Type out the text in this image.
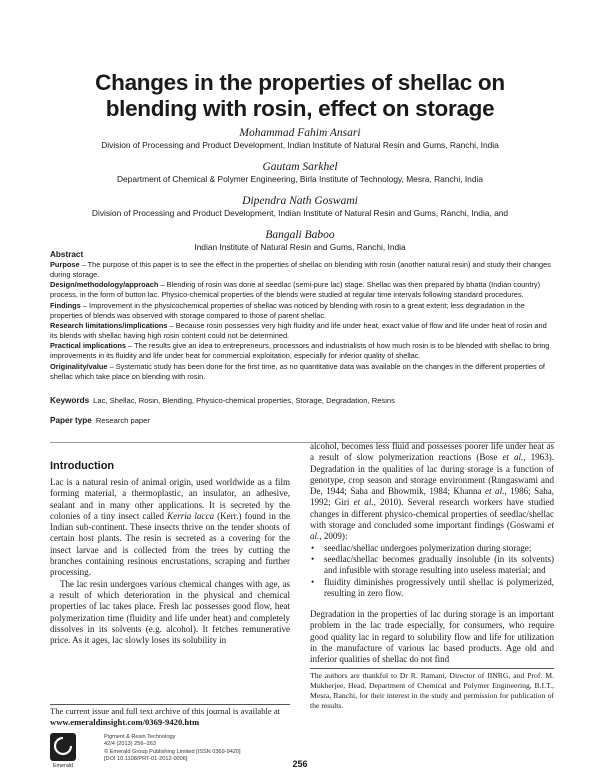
Changes in the properties of shellac on
blending with rosin, effect on storage
Mohammad Fahim Ansari
Division of Processing and Product Development, Indian Institute of Natural Resin and Gums, Ranchi, India
Gautam Sarkhel
Department of Chemical & Polymer Engineering, Birla Institute of Technology, Mesra, Ranchi, India
Dipendra Nath Goswami
Division of Processing and Product Development, Indian Institute of Natural Resin and Gums, Ranchi, India, and
Bangali Baboo
Indian Institute of Natural Resin and Gums, Ranchi, India
Abstract

Purpose – The purpose of this paper is to see the effect in the properties of shellac on blending with rosin (another natural resin) and study their changes during storage.

Design/methodology/approach – Blending of rosin was done at seedlac (semi-pure lac) stage. Shellac was then prepared by bhatta (Indian country) process, in the form of button lac. Physico-chemical properties of the blends were studied at regular time intervals following standard procedures.

Findings – Improvement in the physicochemical properties of shellac was noticed by blending with rosin to a great extent; less degradation in the properties of blends was observed with storage compared to those of parent shellac.

Research limitations/implications – Because rosin possesses very high fluidity and life under heat, exact value of flow and life under heat of rosin and its blends with shellac having high rosin content could not be determined.

Practical implications – The results give an idea to entrepreneurs, processors and industrialists of how much rosin is to be blended with shellac to bring improvements in its fluidity and life under heat for commercial exploitation, especially for inferior quality of shellac.

Originality/value – Systematic study has been done for the first time, as no quantitative data was available on the changes in the different properties of shellac which take place on blending with rosin.

Keywords Lac, Shellac, Rosin, Blending, Physico-chemical properties, Storage, Degradation, Resins
Paper type Research paper
Introduction

Lac is a natural resin of animal origin, used worldwide as a film forming material, a thermoplastic, an insulator, an adhesive, sealant and in many other applications. It is secreted by the colonies of a tiny insect called Kerria lacca (Kerr.) found in the Indian sub-continent. These insects thrive on the tender shoots of certain host plants. The resin is secreted as a covering for the insect larvae and is collected from the trees by cutting the branches containing resinous encrustations, scraping and further processing.

The lac resin undergoes various chemical changes with age, as a result of which deterioration in the physical and chemical properties of lac takes place. Fresh lac possesses good flow, heat polymerization time (fluidity and life under heat) and completely dissolves in its solvents (e.g. alcohol). It fetches remunerative price. As it ages, lac slowly loses its solubility in

alcohol, becomes less fluid and possesses poorer life under heat as a result of slow polymerization reactions (Bose et al., 1963). Degradation in the qualities of lac during storage is a function of genotype, crop season and storage environment (Rangaswami and De, 1944; Saha and Bhowmik, 1984; Khanna et al., 1986; Saha, 1992; Giri et al., 2010). Several research workers have studied changes in different physico-chemical properties of seedlac/shellac with storage and concluded some important findings (Goswami et al., 2009):

• seedlac/shellac undergoes polymerization during storage;
• seedlac/shellac becomes gradually insoluble (in its solvents) and infusible with storage resulting into useless material; and
• fluidity diminishes progressively until shellac is polymerized, resulting in zero flow.

Degradation in the properties of lac during storage is an important problem in the lac trade especially, for consumers, who require good quality lac in regard to solubility flow and life for utilization in the manufacture of various lac based products. Age old and inferior qualities of shellac do not find

The current issue and full text archive of this journal is available at
www.emeraldinsight.com/0369-9420.htm
Emerald
Pigment & Resin Technology
42/4 (2013) 256–263
© Emerald Group Publishing Limited [ISSN 0369-9420]
[DOI 10.1108/PRT-01-2012-0006]
The authors are thankful to Dr R. Ramani, Director of IINRG, and Prof. M. Mukherjee, Head, Department of Chemical and Polymer Engineering, B.I.T., Mesra, Ranchi, for their interest in the study and permission for publication of the results.
256
